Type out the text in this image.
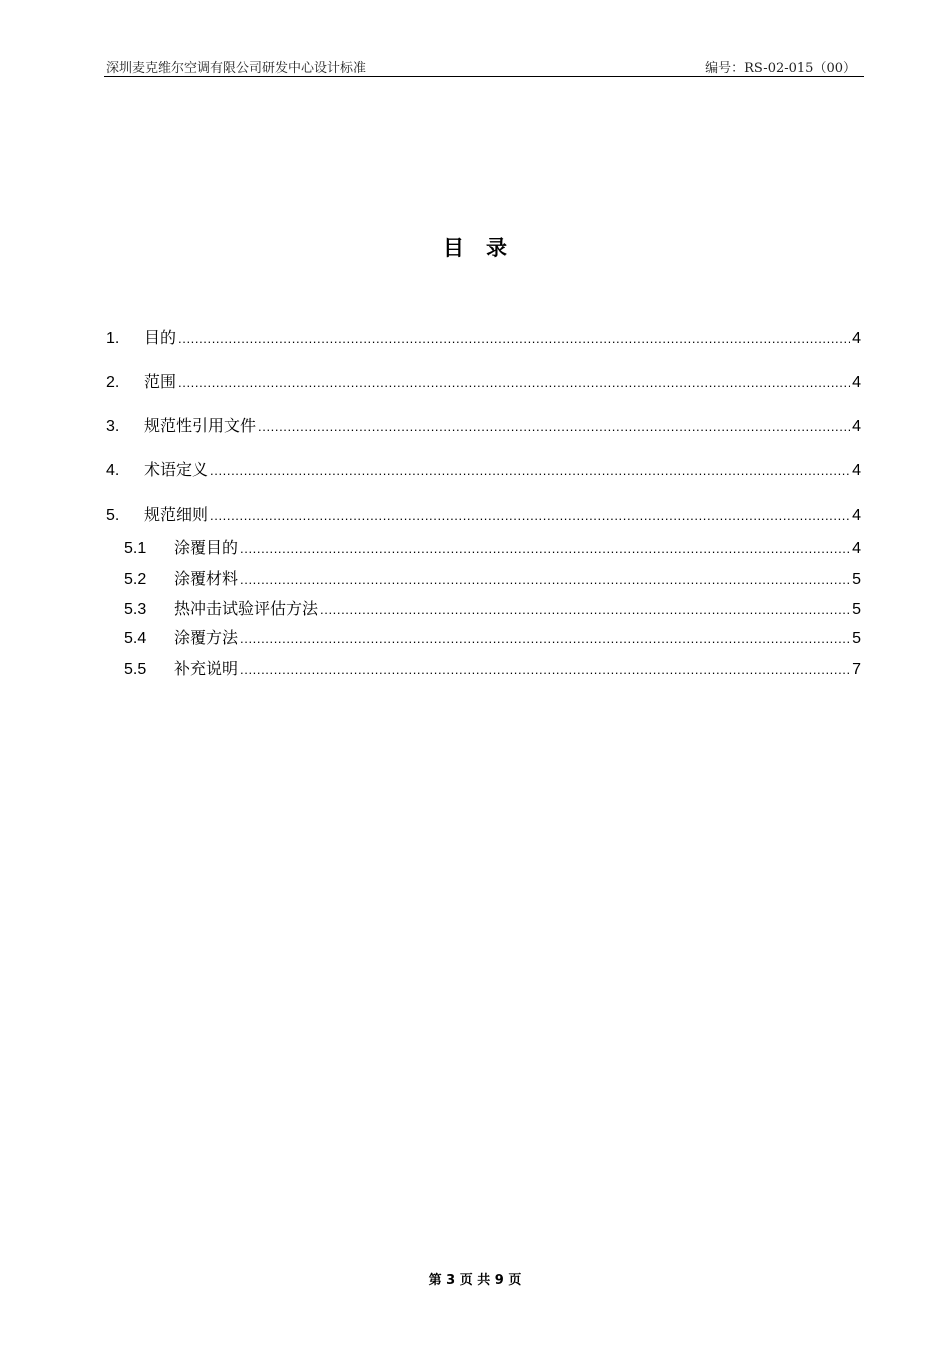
深圳麦克维尔空调有限公司研发中心设计标准	编号：RS-02-015（00）
目录
1.	目的 .....	4
2.	范围 .....	4
3.	规范性引用文件 .....	4
4.	术语定义 .....	4
5.	规范细则 .....	4
5.1	涂覆目的 .....	4
5.2	涂覆材料 .....	5
5.3	热冲击试验评估方法 .....	5
5.4	涂覆方法 .....	5
5.5	补充说明 .....	7
第 3 页 共 9 页
